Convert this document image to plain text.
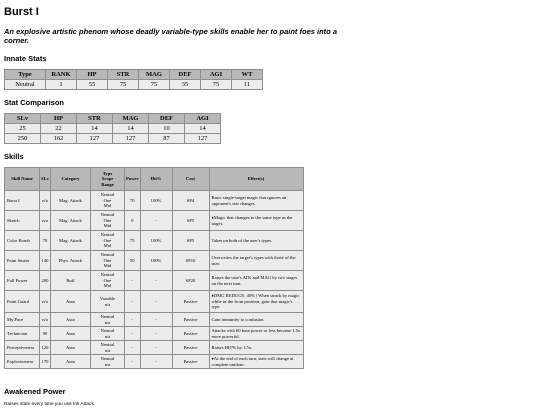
Burst I
An explosive artistic phenom whose deadly variable-type skills enable her to paint foes into a corner.
Innate Stats
Type	RANK	HP	STR	MAG	DEF	AGI	WT
Neutral	1	55	75	75	35	75	11
Stat Comparison
SLv	HP	STR	MAG	DEF	AGI
25	22	14	14	10	14
250	162	127	127	87	127
Skills
Skill Name	SLv	Category	Type
Scope
Range	Power	Hit%	Cost	Effect(s)
Burst I	n/a	Mag. Attack	Neutral
One
Mid	70	100%	SP4	Basic single-target magic that ignores an opponent's stat changes.
Sketch	n/a	Mag. Attack	Neutral
One
Mid	0	-	SP5	♦Magic that changes to the same type as the target.
Color Bomb	70	Mag. Attack	Neutral
One
Mid	75	100%	SP5	Takes on both of the user's types.
Paint Smear	140	Phys. Attack	Neutral
One
Mid	50	100%	SP10	Overwrites the target's types with those of the user.
Full Power	200	Buff	Neutral
One
Mid	-	-	SP20	Raises the user's ATK and MAG by two stages on the next turn.
Paint Guard	n/a	Auto	Variable
n/a	-	-	Passive	♦DMG REDUCE: 40% | When struck by magic while in the front position, gain that magic's type.
My Pace	n/a	Auto	Neutral
n/a	-	-	Passive	Gain immunity to confusion.
Technician	90	Auto	Neutral
n/a	-	-	Passive	Attacks with 60 base power or less become 1.5x more powerful.
Perceptiveness	120	Auto	Neutral
n/a	-	-	Passive	Raises HIT% by 1.5x.
Explosiveness	170	Auto	Neutral
n/a	-	-	Passive	♦At the end of each turn, stats will change at complete random.
Awakened Power
Raises stats every time you use Ink Attack.
